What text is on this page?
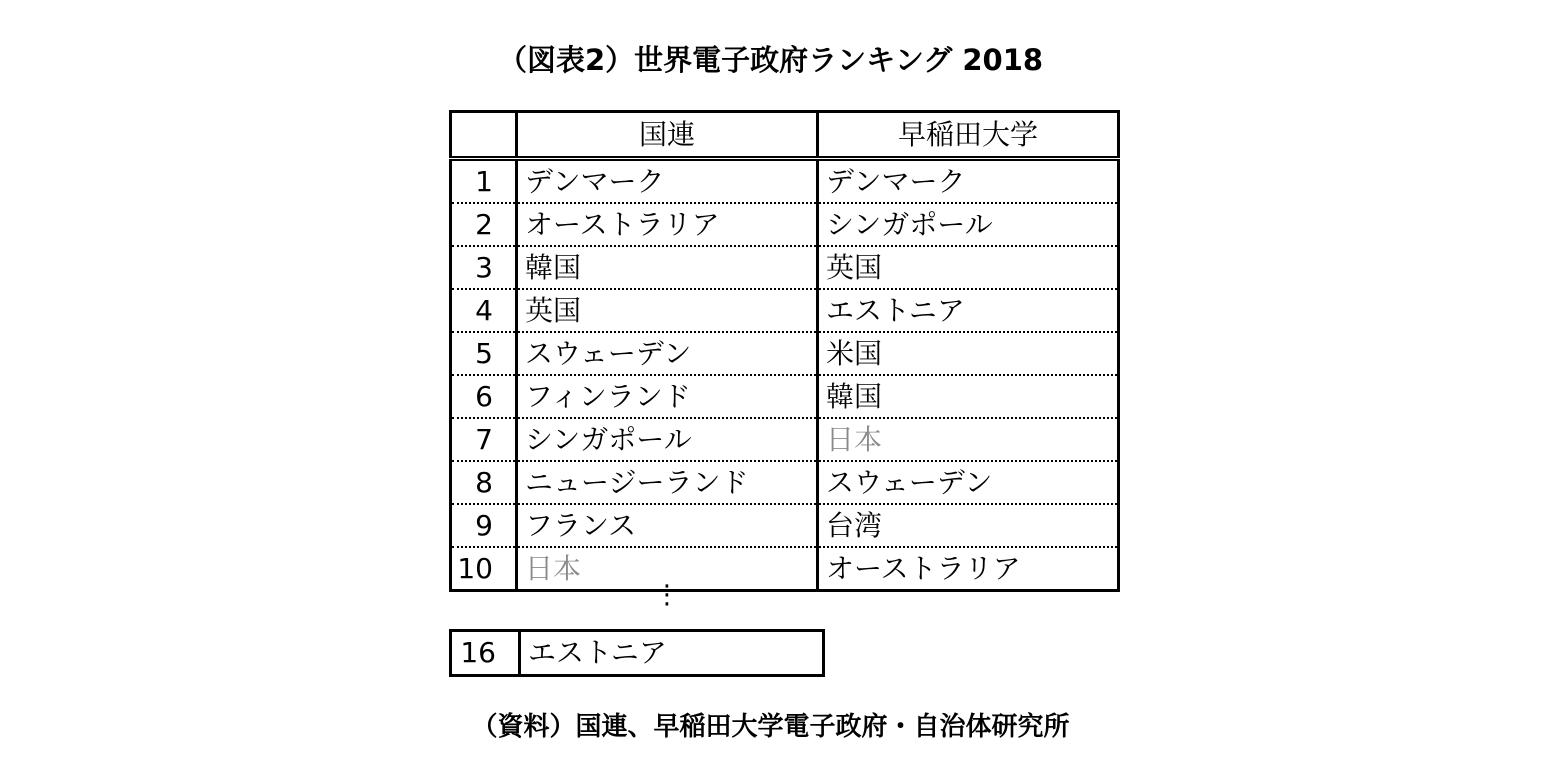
（図表2）世界電子政府ランキング 2018
	国連	早稲田大学
1	デンマーク	デンマーク
2	オーストラリア	シンガポール
3	韓国	英国
4	英国	エストニア
5	スウェーデン	米国
6	フィンランド	韓国
7	シンガポール	日本
8	ニュージーランド	スウェーデン
9	フランス	台湾
10	日本	オーストラリア
⋮
16	エストニア
（資料）国連、早稲田大学電子政府・自治体研究所
